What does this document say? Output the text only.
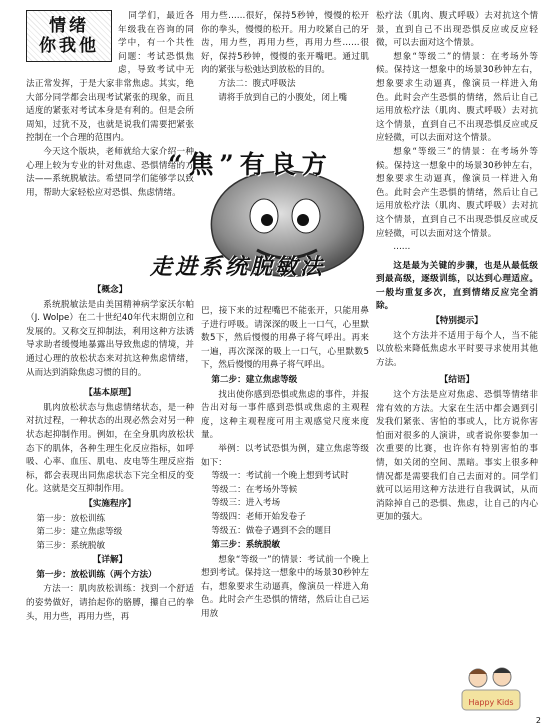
情绪
你我他

同学们，最近各年级我在咨询的同学中，有一个共性问题：考试恐惧焦虑，导致考试中无法正常发挥，于是大家非常焦虑。其实，绝大部分同学都会出现考试紧张的现象，而且适度的紧张对考试本身是有利的。但是会所周知，过犹不及，也就是说我们需要把紧张控制在一个合理的范围内。

今天这个版块，老师就给大家介绍一种心理上较为专业的针对焦虑、恐惧情绪的方法——系统脱敏法。希望同学们能够学以致用，帮助大家轻松应对恐惧、焦虑情绪。

用力些……很好，保持5秒钟，慢慢的松开你的拳头，慢慢的松开。用力咬紧自己的牙齿，用力些，再用力些，再用力些……很好，保持5秒钟，慢慢的张开嘴吧。通过肌肉的紧张与松弛达到放松的目的。

方法二：腹式呼吸法

请将手放到自己的小腹处，闭上嘴

“焦”有良方
走进系统脱敏法
【概念】

系统脱敏法是由美国精神病学家沃尔帕（J. Wolpe）在二十世纪40年代末期创立和发展的。又称交互抑制法，利用这种方法诱导求助者缓慢地暴露出导致焦虑的情境，并通过心理的放松状态来对抗这种焦虑情绪，从而达到消除焦虑习惯的目的。

【基本原理】

肌肉放松状态与焦虑情绪状态，是一种对抗过程，一种状态的出现必然会对另一种状态起抑制作用。例如，在全身肌肉放松状态下的肌体，各种生理生化反应指标，如呼吸、心率、血压、肌电、皮电等生理反应指标，都会表现出同焦虑状态下完全相反的变化。这就是交互抑制作用。

【实施程序】

第一步：放松训练

第二步：建立焦虑等级

第三步：系统脱敏

【详解】
第一步：放松训练（两个方法）

方法一：肌肉放松训练：找到一个舒适的姿势做好，请抬起你的胳膊，攥自己的拳头，用力些，再用力些，再

巴，接下来的过程嘴巴不能张开，只能用鼻子进行呼吸。请深深的吸上一口气，心里默数5下，然后慢慢的用鼻子将气呼出。再来一遍，再次深深的吸上一口气，心里默数5下，然后慢慢的用鼻子将气呼出。

第二步：建立焦虑等级

找出使你感到恐惧或焦虑的事件，并报告出对每一事件感到恐惧或焦虑的主观程度，这种主观程度可用主观感觉尺度来度量。

举例：以考试恐惧为例，建立焦虑等级如下：

等级一：考试前一个晚上想到考试时

等级二：在考场外等候

等级三：进入考场

等级四：老师开始发卷子

等级五：做卷子遇到不会的题目

第三步：系统脱敏

想象“等级一”的情景：考试前一个晚上想到考试。保持这一想象中的场景30秒钟左右，想象要求生动逼真，像演员一样进入角色。此时会产生恐惧的情绪，然后让自己运用放

松疗法（肌肉、腹式呼吸）去对抗这个情景，直到自己不出现恐惧反应或反应轻微，可以去面对这个情景。

想象“等级二”的情景：在考场外等候。保持这一想象中的场景30秒钟左右，想象要求生动逼真，像演员一样进入角色。此时会产生恐惧的情绪，然后让自己运用放松疗法（肌肉、腹式呼吸）去对抗这个情景，直到自己不出现恐惧反应或反应轻微，可以去面对这个情景。

想象“等级三”的情景：在考场外等候。保持这一想象中的场景30秒钟左右，想象要求生动逼真，像演员一样进入角色。此时会产生恐惧的情绪，然后让自己运用放松疗法（肌肉、腹式呼吸）去对抗这个情景，直到自己不出现恐惧反应或反应轻微，可以去面对这个情景。

……

这是最为关键的步骤，也是从最低级到最高级，逐级训练，以达到心理适应。一般均重复多次，直到情绪反应完全消除。

【特别提示】

这个方法并不适用于每个人，当不能以放松来降低焦虑水平时要寻求使用其他方法。

【结语】

这个方法是应对焦虑、恐惧等情绪非常有效的方法。大家在生活中都会遇到引发我们紧张、害怕的事或人，比方说你害怕面对很多的人演讲，或者说你要参加一次重要的比赛，也许你有特别害怕的事情，如关闭的空间、黑暗。事实上很多种情况都是需要我们自己去面对的。同学们就可以运用这种方法进行自我调试，从而消除掉自己的恐惧、焦虑，让自己的内心更加的强大。

Happy Kids
2
